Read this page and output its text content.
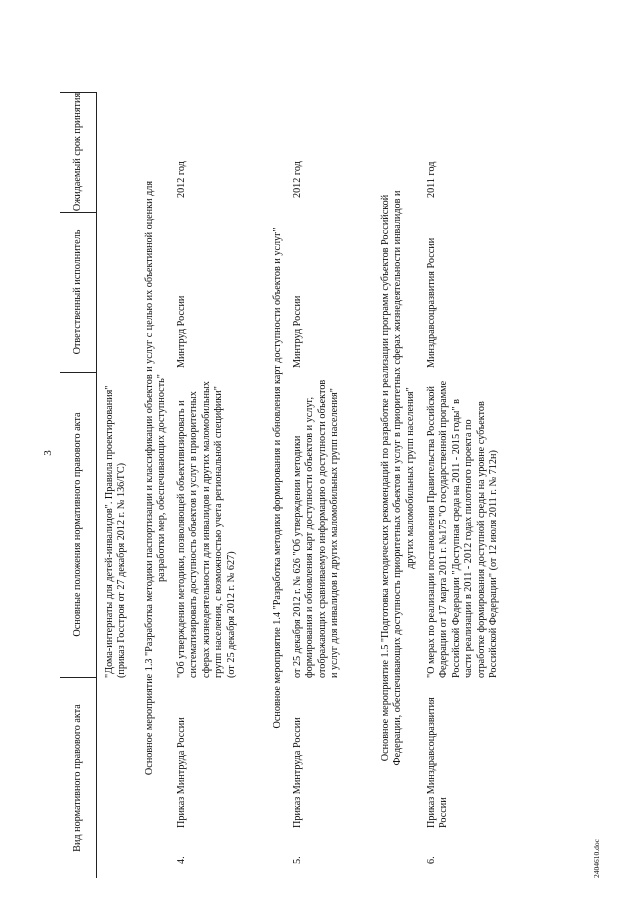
3
Вид нормативного правового акта
Основные положения нормативного правового акта
Ответственный исполнитель
Ожидаемый срок принятия
"Дома-интернаты для детей-инвалидов". Правила проектирования" (приказ Госстроя от 27 декабря 2012 г. № 136/ГС) Основное мероприятие 1.3 "Разработка методики паспортизации и классификации объектов и услуг с целью их объективной оценки для разработки мер, обеспечивающих доступность"
4.
Приказ Минтруда России
"Об утверждении методики, позволяющей объективизировать и систематизировать доступность объектов и услуг в приоритетных сферах жизнедеятельности для инвалидов и других маломобильных групп населения, с возможностью учета региональной специфики" (от 25 декабря 2012 г. № 627)
Минтруд России
2012 год
Основное мероприятие 1.4 "Разработка методики формирования и обновления карт доступности объектов и услуг"
5.
Приказ Минтруда России
от 25 декабря 2012 г. № 626 "Об утверждении методики формирования и обновления карт доступности объектов и услуг, отображающих сравниваемую информацию о доступности объектов и услуг для инвалидов и других маломобильных групп населения"
Минтруд России
2012 год
Основное мероприятие 1.5 "Подготовка методических рекомендаций по разработке и реализации программ субъектов Российской Федерации, обеспечивающих доступность приоритетных объектов и услуг в приоритетных сферах жизнедеятельности инвалидов и других маломобильных групп населения"
6.
Приказ Минздравсоцразвития России
"О мерах по реализации постановления Правительства Российской Федерации от 17 марта 2011 г. №175 "О государственной программе Российской Федерации "Доступная среда на 2011 - 2015 годы" в части реализации в 2011 - 2012 годах пилотного проекта по отработке формирования доступной среды на уровне субъектов Российской Федерации" (от 12 июля 2011 г. № 712н)
Минздравсоцразвития России
2011 год
2404610.doc
